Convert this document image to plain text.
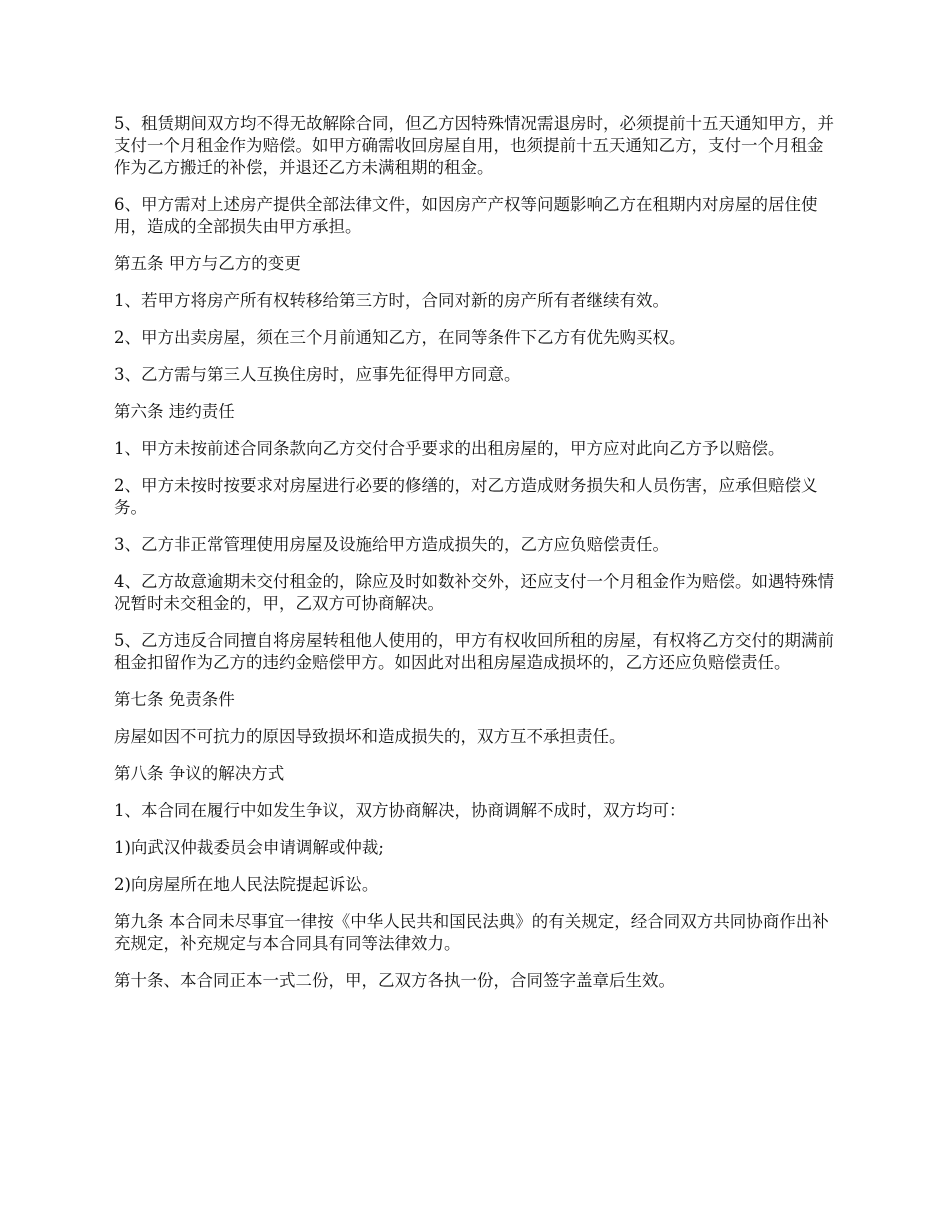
5、租赁期间双方均不得无故解除合同，但乙方因特殊情况需退房时，必须提前十五天通知甲方，并支付一个月租金作为赔偿。如甲方确需收回房屋自用，也须提前十五天通知乙方，支付一个月租金作为乙方搬迁的补偿，并退还乙方未满租期的租金。

6、甲方需对上述房产提供全部法律文件，如因房产产权等问题影响乙方在租期内对房屋的居住使用，造成的全部损失由甲方承担。

第五条 甲方与乙方的变更

1、若甲方将房产所有权转移给第三方时，合同对新的房产所有者继续有效。

2、甲方出卖房屋，须在三个月前通知乙方，在同等条件下乙方有优先购买权。

3、乙方需与第三人互换住房时，应事先征得甲方同意。

第六条 违约责任

1、甲方未按前述合同条款向乙方交付合乎要求的出租房屋的，甲方应对此向乙方予以赔偿。

2、甲方未按时按要求对房屋进行必要的修缮的，对乙方造成财务损失和人员伤害，应承但赔偿义务。

3、乙方非正常管理使用房屋及设施给甲方造成损失的，乙方应负赔偿责任。

4、乙方故意逾期未交付租金的，除应及时如数补交外，还应支付一个月租金作为赔偿。如遇特殊情况暂时未交租金的，甲，乙双方可协商解决。

5、乙方违反合同擅自将房屋转租他人使用的，甲方有权收回所租的房屋，有权将乙方交付的期满前租金扣留作为乙方的违约金赔偿甲方。如因此对出租房屋造成损坏的，乙方还应负赔偿责任。

第七条 免责条件

房屋如因不可抗力的原因导致损坏和造成损失的，双方互不承担责任。

第八条 争议的解决方式

1、本合同在履行中如发生争议，双方协商解决，协商调解不成时，双方均可：

1)向武汉仲裁委员会申请调解或仲裁;

2)向房屋所在地人民法院提起诉讼。

第九条 本合同未尽事宜一律按《中华人民共和国民法典》的有关规定，经合同双方共同协商作出补充规定，补充规定与本合同具有同等法律效力。

第十条、本合同正本一式二份，甲，乙双方各执一份，合同签字盖章后生效。
